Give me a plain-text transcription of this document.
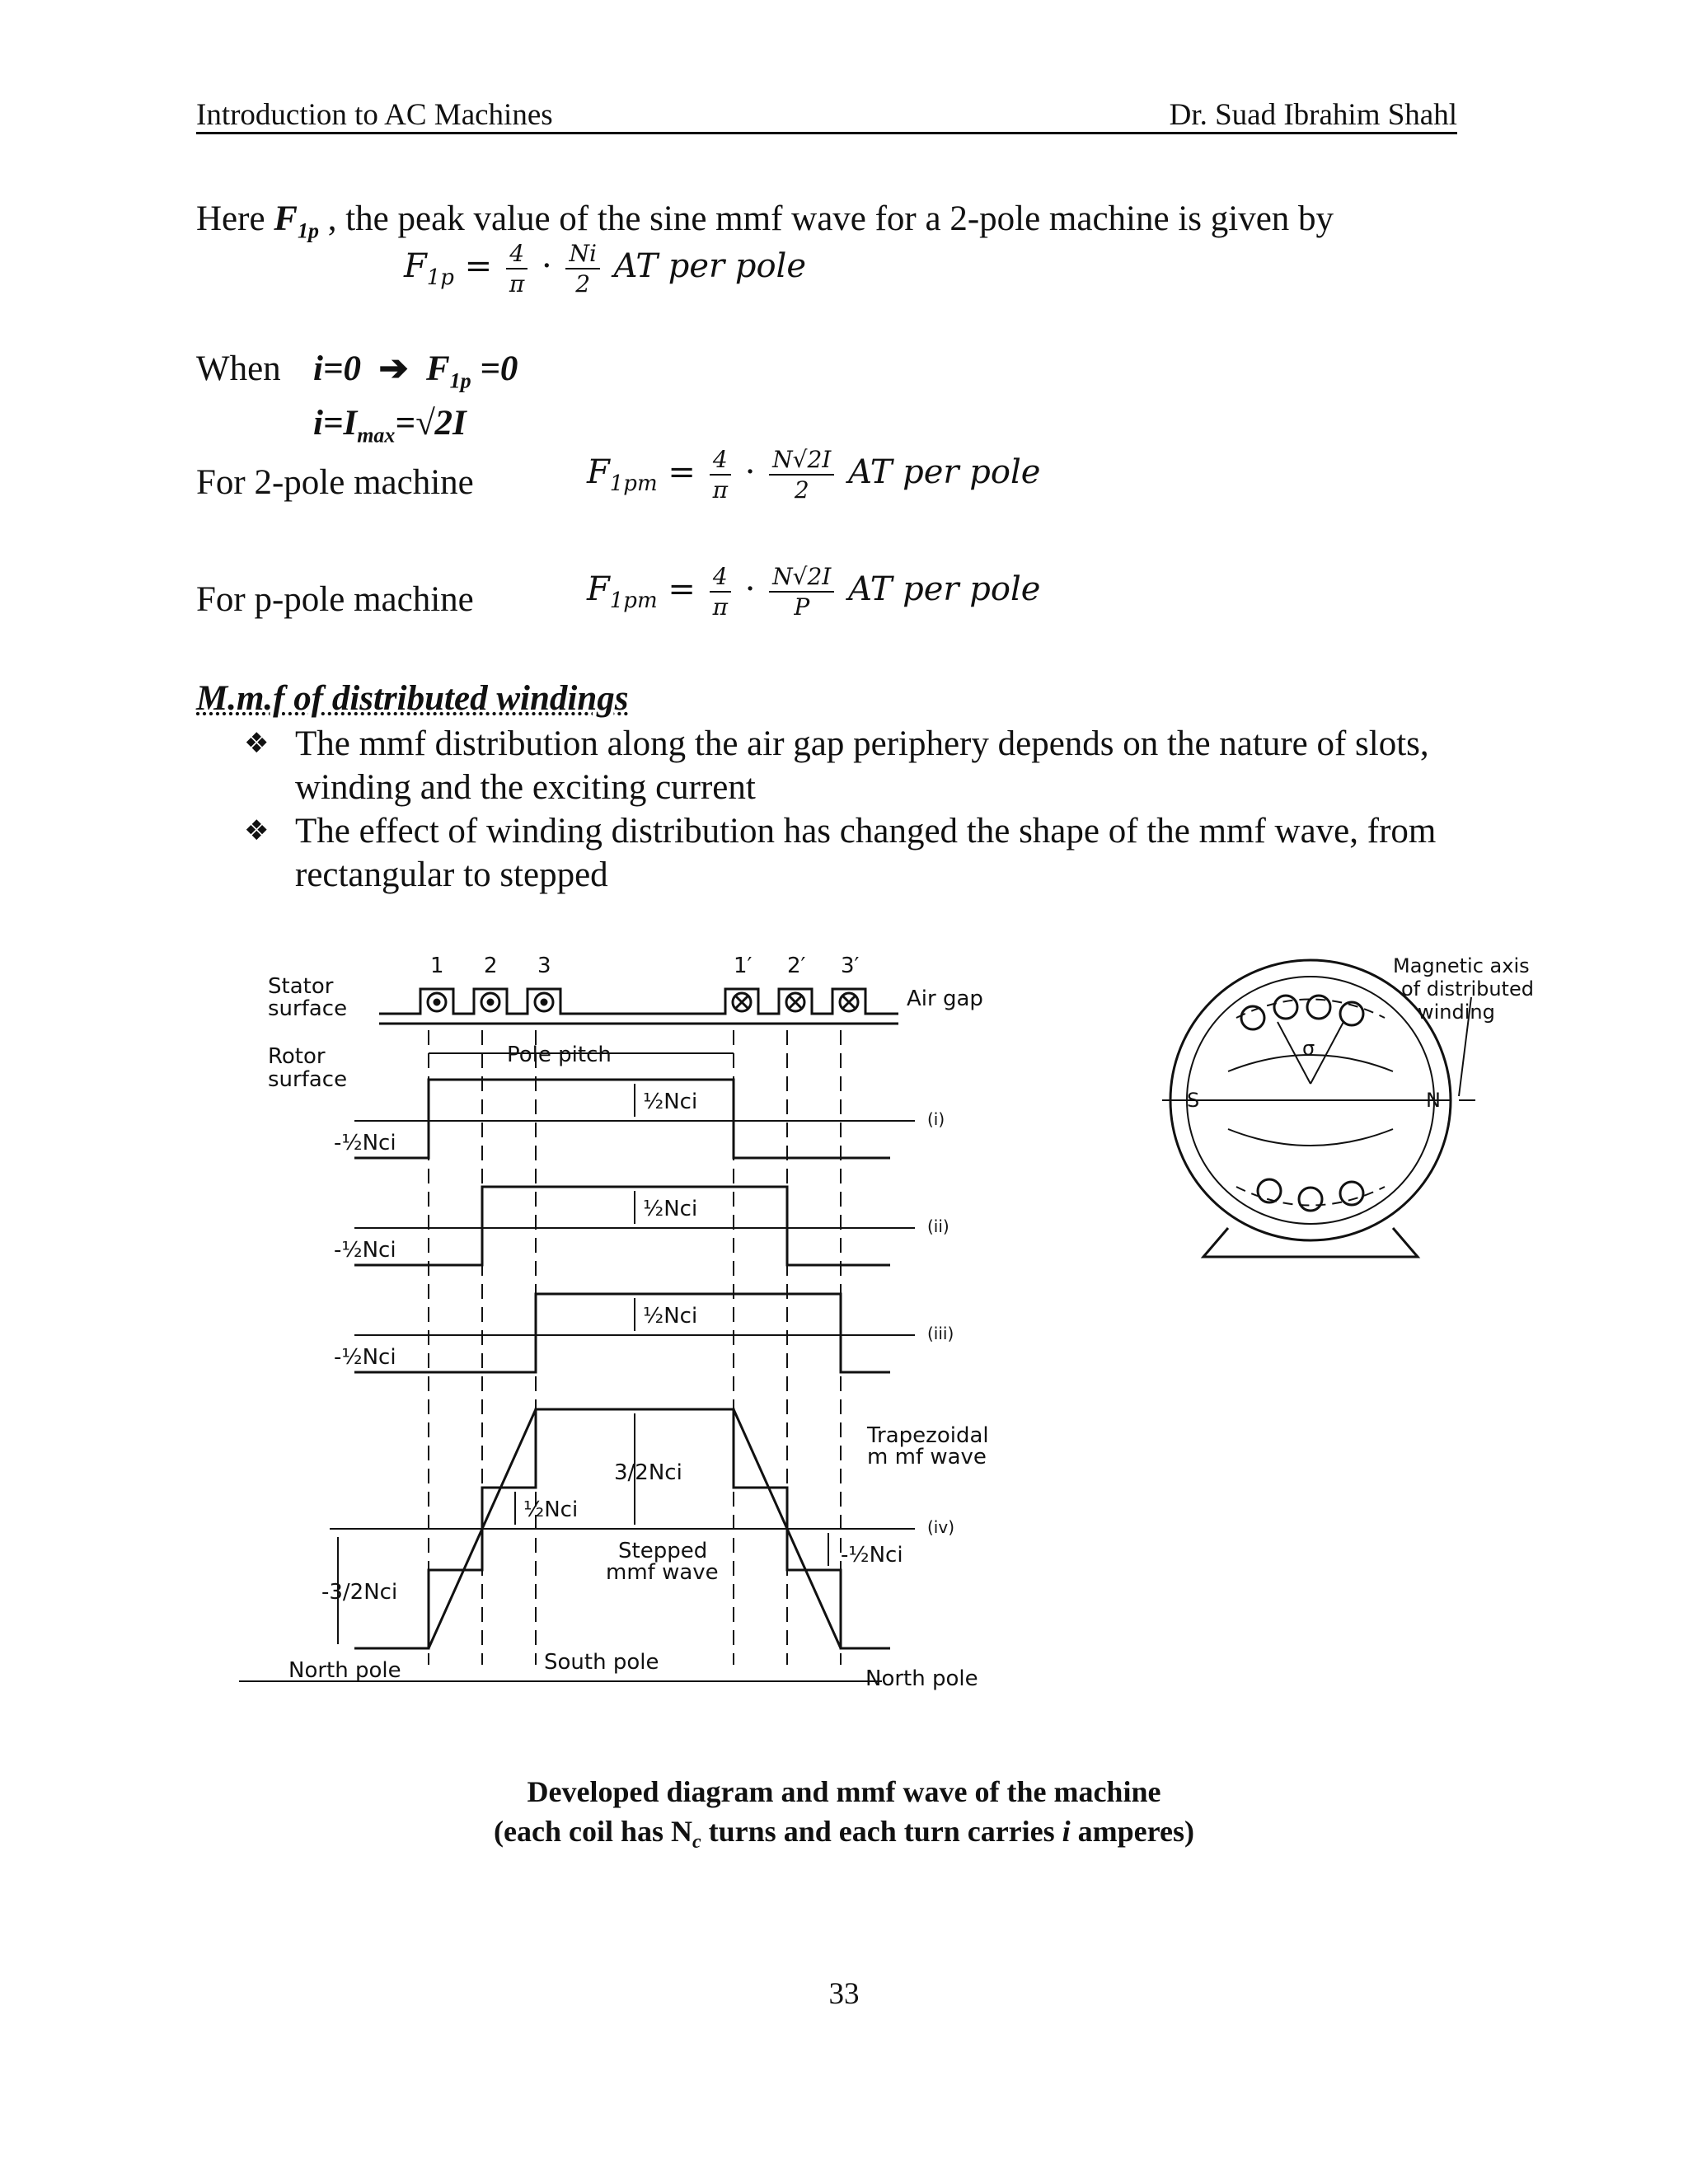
Introduction to AC Machines	Dr. Suad Ibrahim Shahl
Here $F_{1p}$ , the peak value of the sine mmf wave for a 2-pole machine is given by
$F_{1p} = \frac{4}{\pi} \cdot \frac{Ni}{2}$ AT per pole
When i=0 ➔ $F_{1p} =0$
$i=I_{max}=√2I$
For 2-pole machine	$F_{1pm} = \frac{4}{\pi} \cdot \frac{N√2I}{2}$ AT per pole
For p-pole machine	$F_{1pm} = \frac{4}{\pi} \cdot \frac{N√2I}{P}$ AT per pole
M.m.f of distributed windings
❖ The mmf distribution along the air gap periphery depends on the nature of slots, winding and the exciting current
❖ The effect of winding distribution has changed the shape of the mmf wave, from rectangular to stepped
Stator
surface
Rotor
surface
1 2 3	1′ 2′ 3′
Air gap
Pole pitch
½Nci
½Nci
½Nci
-½Nci
-½Nci
-½Nci
3/2Nci
-3/2Nci
½Nci
-½Nci
(i)
(ii)
(iii)
(iv)
Trapezoidal
m mf wave
Stepped
mmf wave
North pole	South pole
North pole
Magnetic axis
of distributed
winding
σ
S	N
Developed diagram and mmf wave of the machine
(each coil has $N_c$ turns and each turn carries i amperes)
33
